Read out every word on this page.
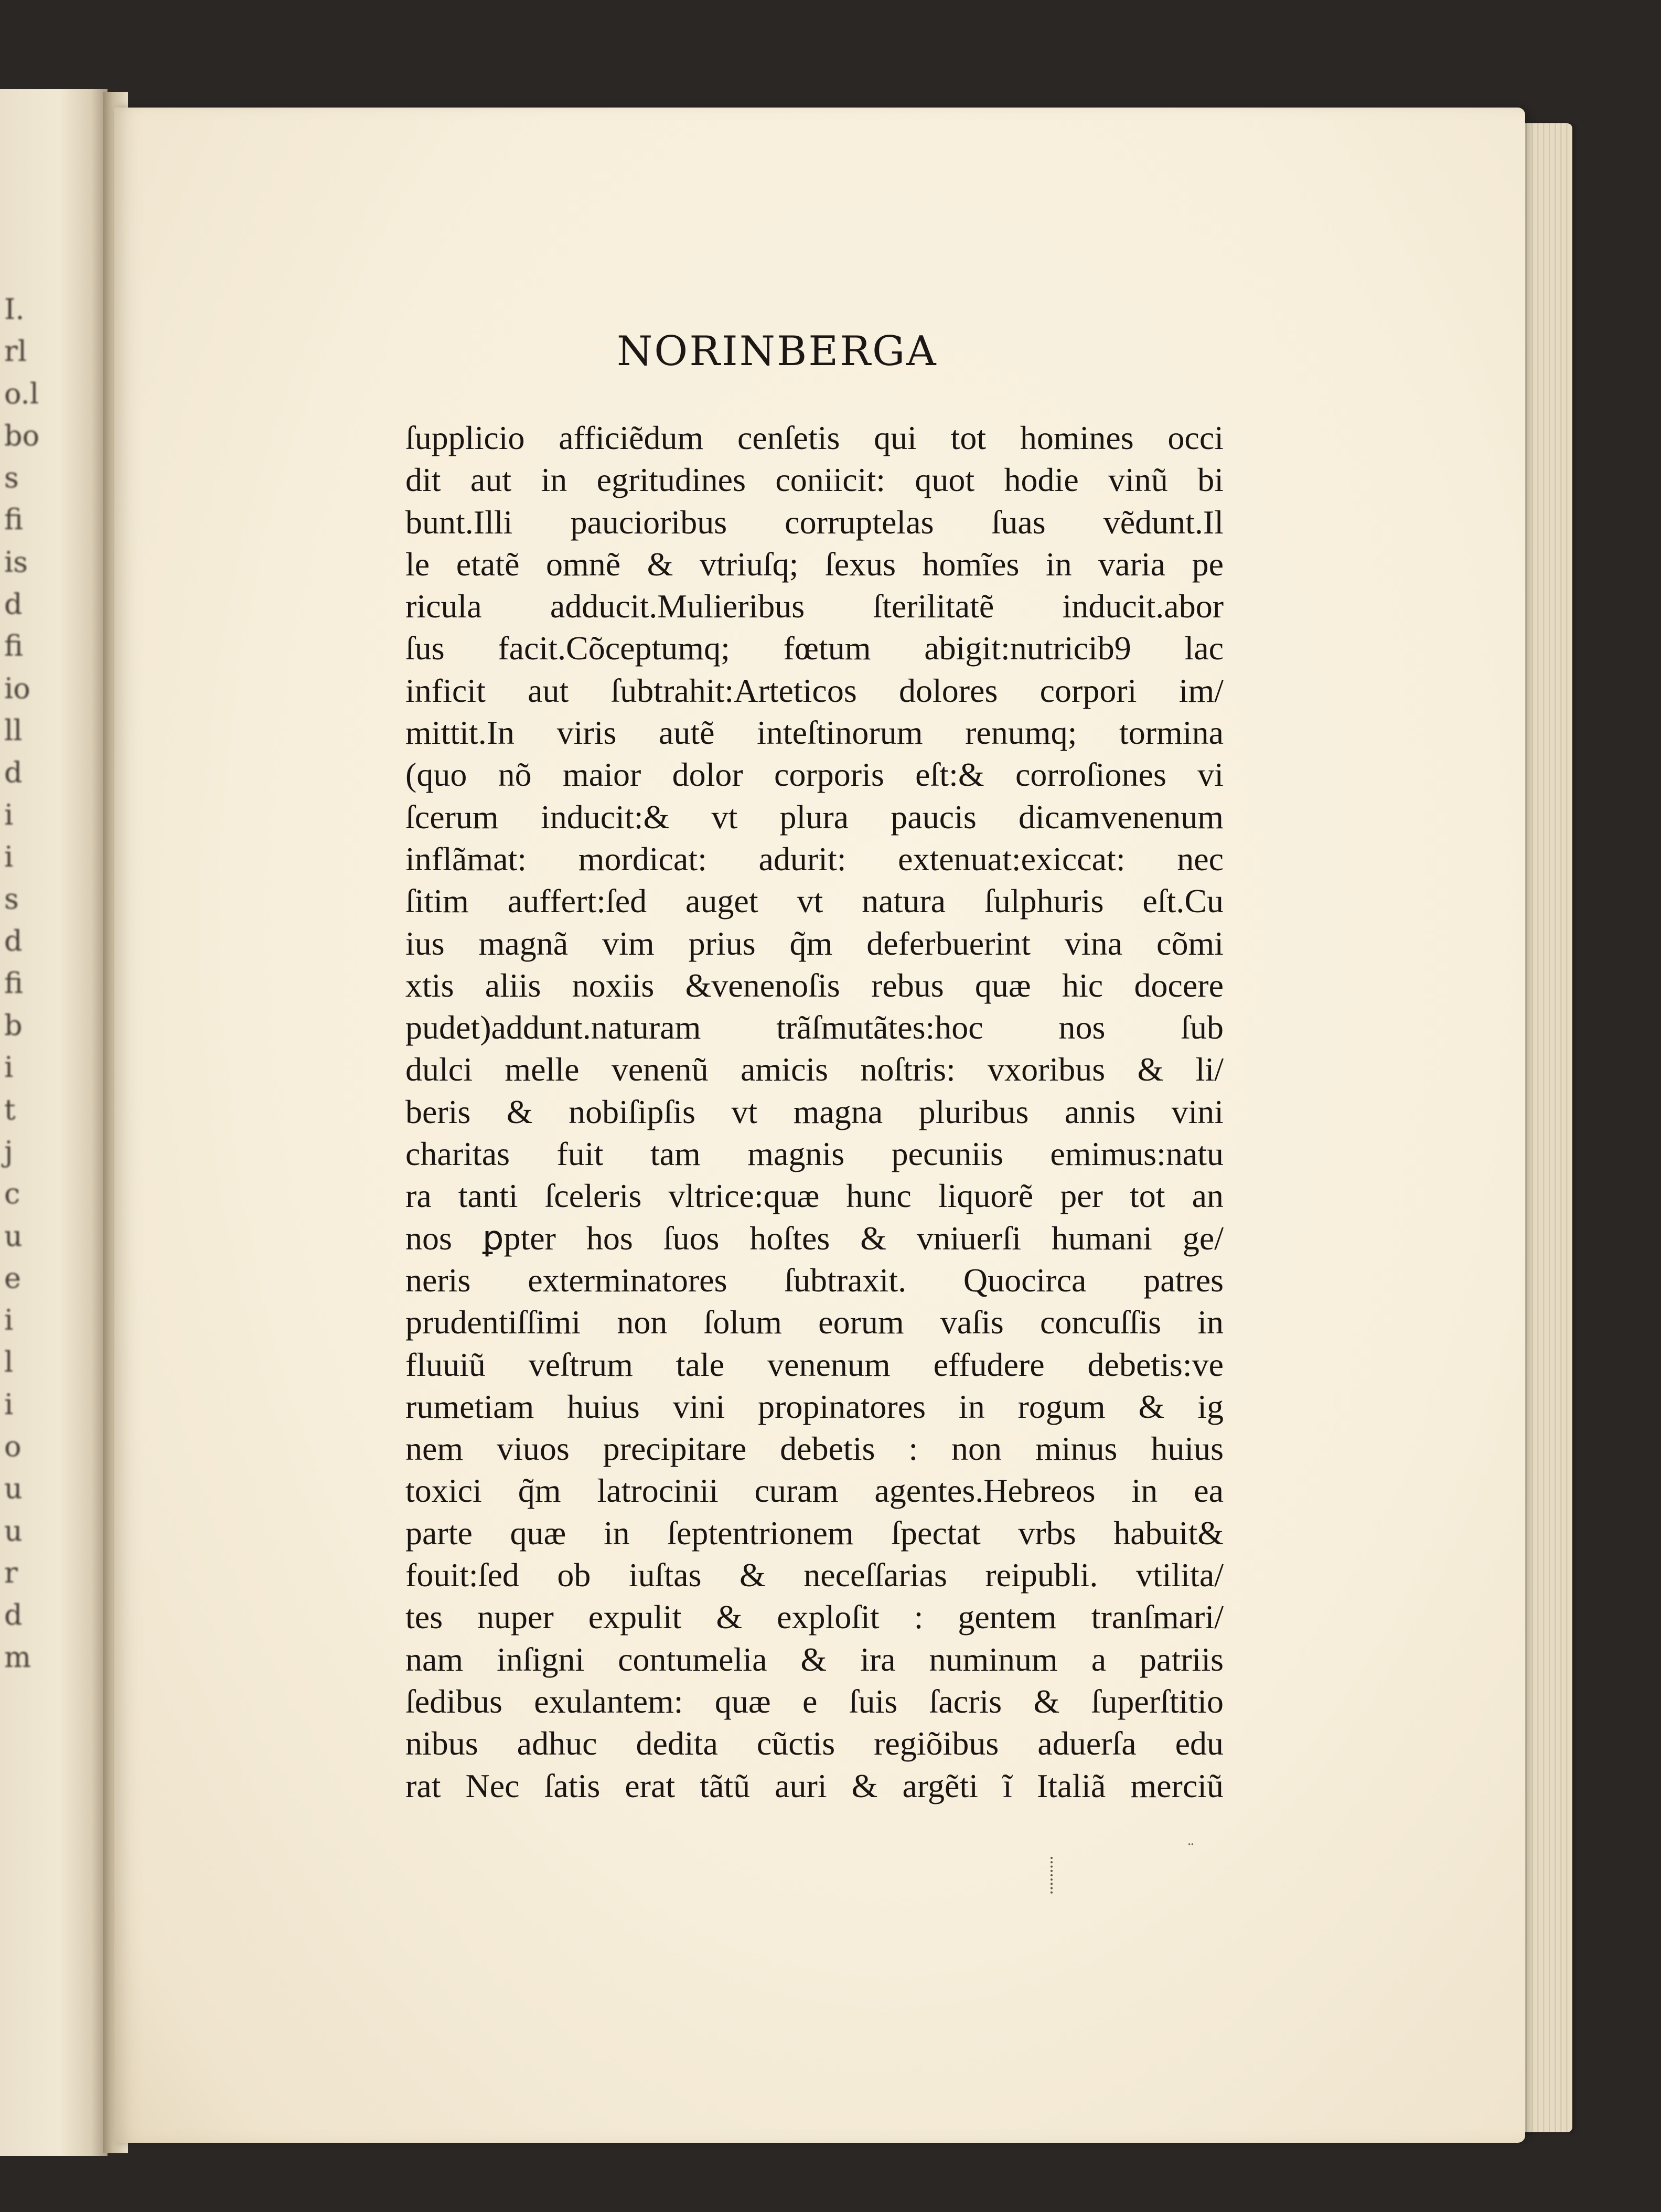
I.
rl
o.l
bo
s
fi
is
d
fi
io
ll
d
i
i
s
d
fi
b
i
t
j
c
u
e
i
l
i
o
u
u
r
d
m
NORINBERGA
ſupplicio afficiẽdum cenſetis qui tot homines occi
dit aut in egritudines coniicit: quot hodie vinũ bi
bunt.Illi paucioribus corruptelas ſuas vẽdunt.Il
le etatẽ omnẽ & vtriuſq; ſexus homĩes in varia pe
ricula adducit.Mulieribus ſterilitatẽ inducit.abor
ſus facit.Cõceptumq; fœtum abigit:nutricib9 lac
inficit aut ſubtrahit:Arteticos dolores corpori im/
mittit.In viris autẽ inteſtinorum renumq; tormina
(quo nõ maior dolor corporis eſt:& corroſiones vi
ſcerum inducit:& vt plura paucis dicamvenenum
inflãmat: mordicat: adurit: extenuat:exiccat: nec
ſitim auffert:ſed auget vt natura ſulphuris eſt.Cu
ius magnã vim prius q̃m deferbuerint vina cõmi
xtis aliis noxiis &venenoſis rebus quæ hic docere
pudet)addunt.naturam trãſmutãtes:hoc nos ſub
dulci melle venenũ amicis noſtris: vxoribus & li/
beris & nobiſipſis vt magna pluribus annis vini
charitas fuit tam magnis pecuniis emimus:natu
ra tanti ſceleris vltrice:quæ hunc liquorẽ per tot an
nos ꝑpter hos ſuos hoſtes & vniuerſi humani ge/
neris exterminatores ſubtraxit. Quocirca patres
prudentiſſimi non ſolum eorum vaſis concuſſis in
fluuiũ veſtrum tale venenum effudere debetis:ve
rumetiam huius vini propinatores in rogum & ig
nem viuos precipitare debetis : non minus huius
toxici q̃m latrocinii curam agentes.Hebreos in ea
parte quæ in ſeptentrionem ſpectat vrbs habuit&
fouit:ſed ob iuſtas & neceſſarias reipubli. vtilita/
tes nuper expulit & exploſit : gentem tranſmari/
nam inſigni contumelia & ira numinum a patriis
ſedibus exulantem: quæ e ſuis ſacris & ſuperſtitio
nibus adhuc dedita cũctis regiõibus aduerſa edu
rat Nec ſatis erat tãtũ auri & argẽti ĩ Italiã merciũ
¨
